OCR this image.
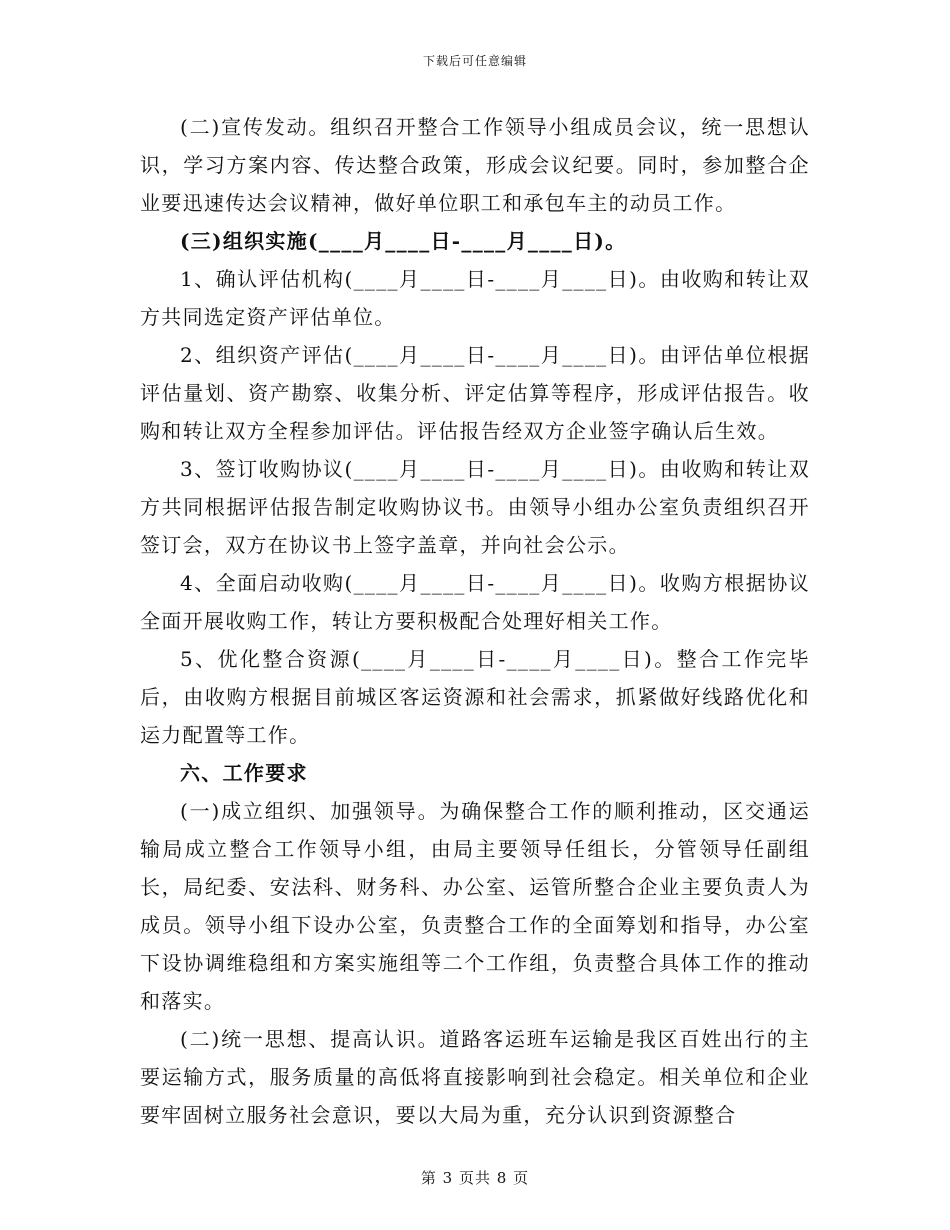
下载后可任意编辑

(二)宣传发动。组织召开整合工作领导小组成员会议，统一思想认识，学习方案内容、传达整合政策，形成会议纪要。同时，参加整合企业要迅速传达会议精神，做好单位职工和承包车主的动员工作。

(三)组织实施(____月____日-____月____日)。

1、确认评估机构(____月____日-____月____日)。由收购和转让双方共同选定资产评估单位。

2、组织资产评估(____月____日-____月____日)。由评估单位根据评估量划、资产勘察、收集分析、评定估算等程序，形成评估报告。收购和转让双方全程参加评估。评估报告经双方企业签字确认后生效。

3、签订收购协议(____月____日-____月____日)。由收购和转让双方共同根据评估报告制定收购协议书。由领导小组办公室负责组织召开签订会，双方在协议书上签字盖章，并向社会公示。

4、全面启动收购(____月____日-____月____日)。收购方根据协议全面开展收购工作，转让方要积极配合处理好相关工作。

5、优化整合资源(____月____日-____月____日)。整合工作完毕后，由收购方根据目前城区客运资源和社会需求，抓紧做好线路优化和运力配置等工作。

六、工作要求

(一)成立组织、加强领导。为确保整合工作的顺利推动，区交通运输局成立整合工作领导小组，由局主要领导任组长，分管领导任副组长，局纪委、安法科、财务科、办公室、运管所整合企业主要负责人为成员。领导小组下设办公室，负责整合工作的全面筹划和指导，办公室下设协调维稳组和方案实施组等二个工作组，负责整合具体工作的推动和落实。

(二)统一思想、提高认识。道路客运班车运输是我区百姓出行的主要运输方式，服务质量的高低将直接影响到社会稳定。相关单位和企业要牢固树立服务社会意识，要以大局为重，充分认识到资源整合

第 3 页共 8 页
